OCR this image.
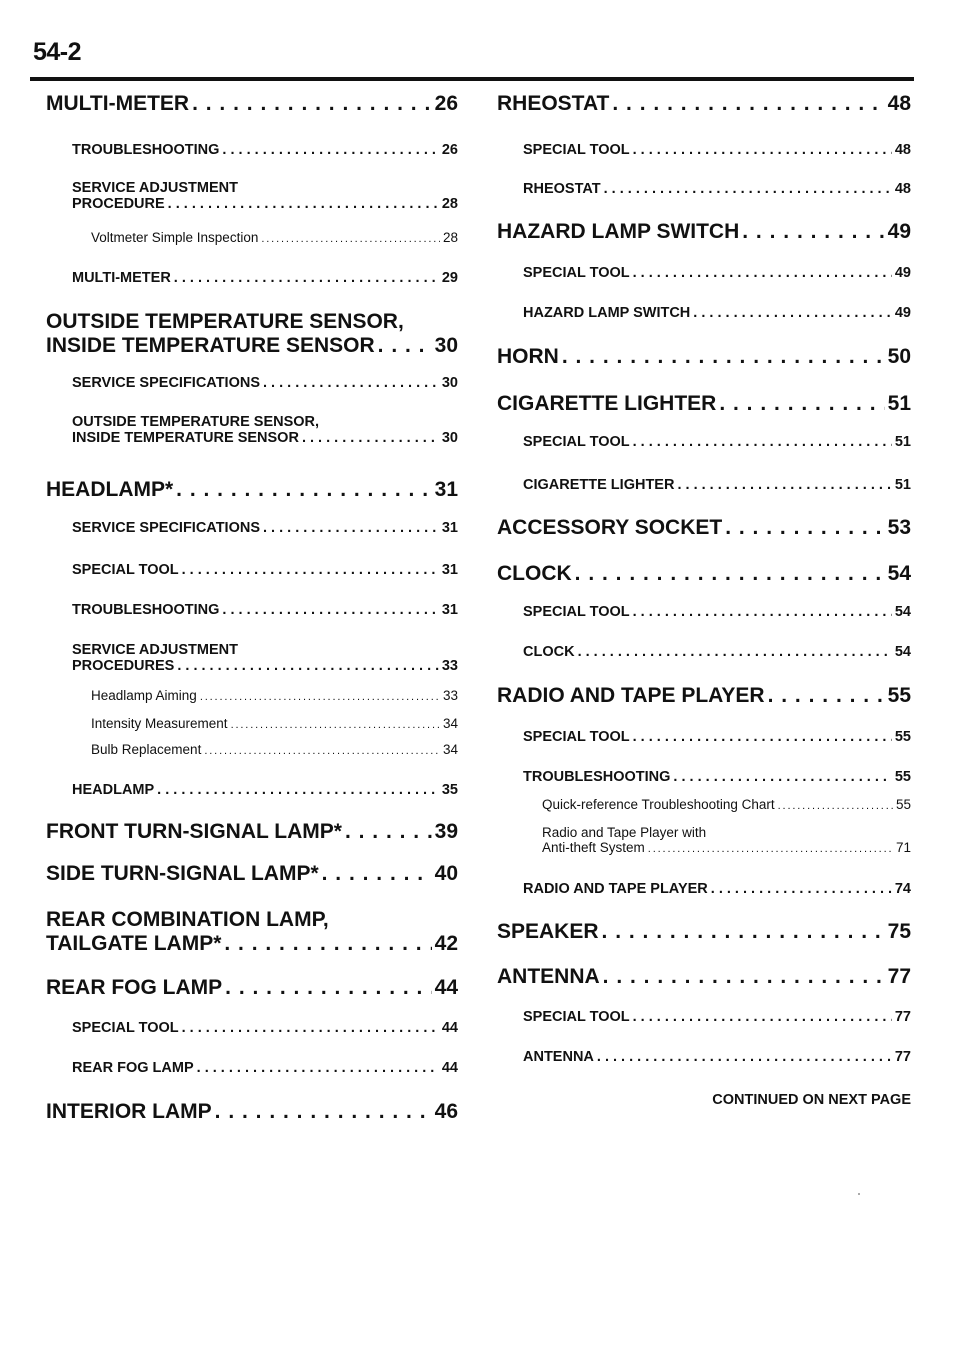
54-2
MULTI-METER . . .	26
TROUBLESHOOTING . . .	26
SERVICE ADJUSTMENT
PROCEDURE . . .	28
Voltmeter Simple Inspection . . .	28
MULTI-METER . . .	29
OUTSIDE TEMPERATURE SENSOR,
INSIDE TEMPERATURE SENSOR . . .	30
SERVICE SPECIFICATIONS . . .	30
OUTSIDE TEMPERATURE SENSOR,
INSIDE TEMPERATURE SENSOR . . .	30
HEADLAMP* . . .	31
SERVICE SPECIFICATIONS . . .	31
SPECIAL TOOL . . .	31
TROUBLESHOOTING . . .	31
SERVICE ADJUSTMENT
PROCEDURES . . .	33
Headlamp Aiming . . .	33
Intensity Measurement . . .	34
Bulb Replacement . . .	34
HEADLAMP . . .	35
FRONT TURN-SIGNAL LAMP* . . .	39
SIDE TURN-SIGNAL LAMP* . . .	40
REAR COMBINATION LAMP,
TAILGATE LAMP* . . .	42
REAR FOG LAMP . . .	44
SPECIAL TOOL . . .	44
REAR FOG LAMP . . .	44
INTERIOR LAMP . . .	46
RHEOSTAT . . .	48
SPECIAL TOOL . . .	48
RHEOSTAT . . .	48
HAZARD LAMP SWITCH . . .	49
SPECIAL TOOL . . .	49
HAZARD LAMP SWITCH . . .	49
HORN . . .	50
CIGARETTE LIGHTER . . .	51
SPECIAL TOOL . . .	51
CIGARETTE LIGHTER . . .	51
ACCESSORY SOCKET . . .	53
CLOCK . . .	54
SPECIAL TOOL . . .	54
CLOCK . . .	54
RADIO AND TAPE PLAYER . . .	55
SPECIAL TOOL . . .	55
TROUBLESHOOTING . . .	55
Quick-reference Troubleshooting Chart . . .	55
Radio and Tape Player with
Anti-theft System . . .	71
RADIO AND TAPE PLAYER . . .	74
SPEAKER . . .	75
ANTENNA . . .	77
SPECIAL TOOL . . .	77
ANTENNA . . .	77
CONTINUED ON NEXT PAGE
